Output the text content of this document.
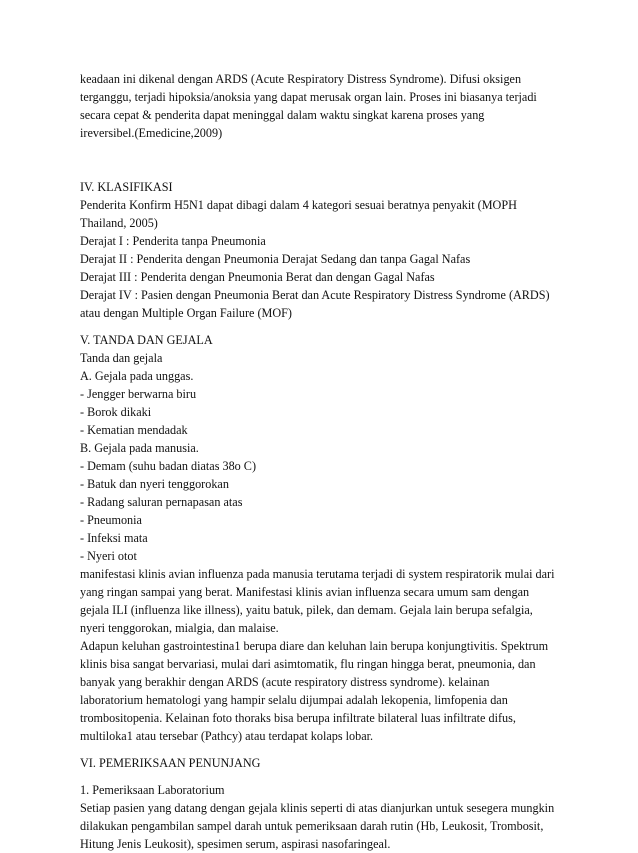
keadaan ini dikenal dengan ARDS (Acute Respiratory Distress Syndrome). Difusi oksigen
terganggu, terjadi hipoksia/anoksia yang dapat merusak organ lain. Proses ini biasanya terjadi
secara cepat & penderita dapat meninggal dalam waktu singkat karena proses yang
ireversibel.(Emedicine,2009)
IV. KLASIFIKASI
Penderita Konfirm H5N1 dapat dibagi dalam 4 kategori sesuai beratnya penyakit (MOPH
Thailand, 2005)
Derajat I : Penderita tanpa Pneumonia
Derajat II : Penderita dengan Pneumonia Derajat Sedang dan tanpa Gagal Nafas
Derajat III : Penderita dengan Pneumonia Berat dan dengan Gagal Nafas
Derajat IV : Pasien dengan Pneumonia Berat dan Acute Respiratory Distress Syndrome (ARDS)
atau dengan Multiple Organ Failure (MOF)
V. TANDA DAN GEJALA
Tanda dan gejala
A. Gejala pada unggas.
- Jengger berwarna biru
- Borok dikaki
- Kematian mendadak
B. Gejala pada manusia.
- Demam (suhu badan diatas 38o C)
- Batuk dan nyeri tenggorokan
- Radang saluran pernapasan atas
- Pneumonia
- Infeksi mata
- Nyeri otot
manifestasi klinis avian influenza pada manusia terutama terjadi di system respiratorik mulai dari
yang ringan sampai yang berat. Manifestasi klinis avian influenza secara umum sam dengan
gejala ILI (influenza like illness), yaitu batuk, pilek, dan demam. Gejala lain berupa sefalgia,
nyeri tenggorokan, mialgia, dan malaise.
Adapun keluhan gastrointestina1 berupa diare dan keluhan lain berupa konjungtivitis. Spektrum
klinis bisa sangat bervariasi, mulai dari asimtomatik, flu ringan hingga berat, pneumonia, dan
banyak yang berakhir dengan ARDS (acute respiratory distress syndrome). kelainan
laboratorium hematologi yang hampir selalu dijumpai adalah lekopenia, limfopenia dan
trombositopenia. Kelainan foto thoraks bisa berupa infiltrate bilateral luas infiltrate difus,
multiloka1 atau tersebar (Pathcy) atau terdapat kolaps lobar.
VI. PEMERIKSAAN PENUNJANG
1. Pemeriksaan Laboratorium
Setiap pasien yang datang dengan gejala klinis seperti di atas dianjurkan untuk sesegera mungkin
dilakukan pengambilan sampel darah untuk pemeriksaan darah rutin (Hb, Leukosit, Trombosit,
Hitung Jenis Leukosit), spesimen serum, aspirasi nasofaringeal.
